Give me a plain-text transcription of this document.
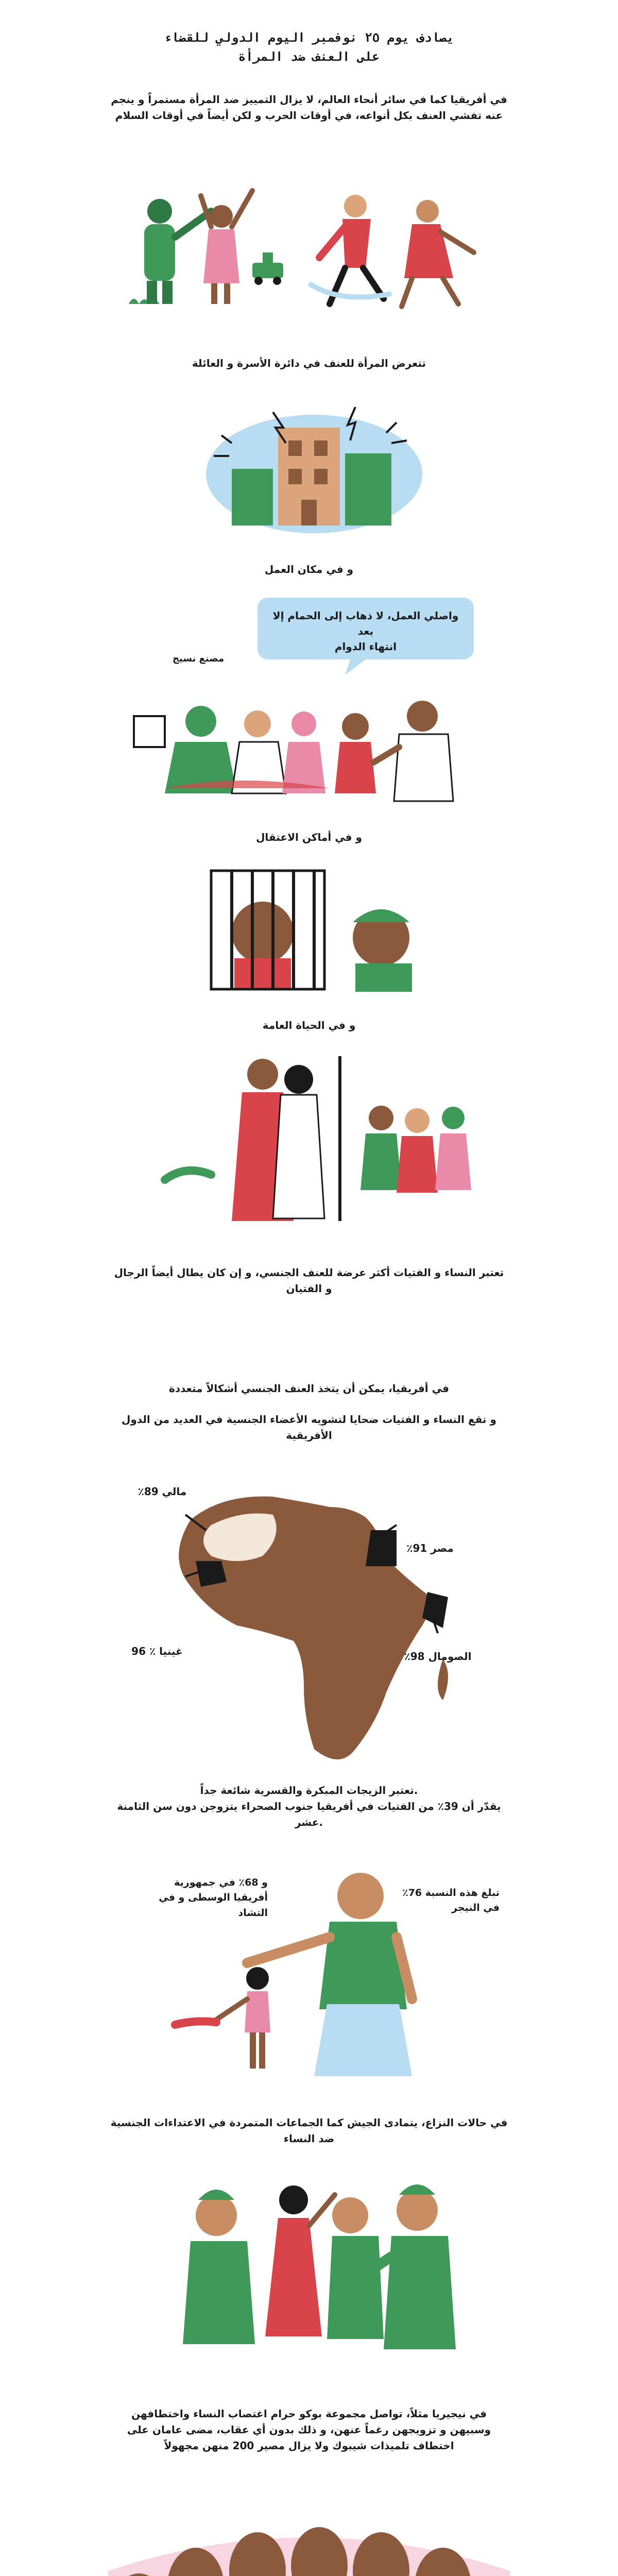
يصادف يوم ٢٥ نوفمبر اليوم الدولي للقضاء
على العنف ضد المرأة
في أفريقيا كما في سائر أنحاء العالم، لا يزال التمييز ضد المرأة مستمراً و ينجم
عنه تفشي العنف بكل أنواعه، في أوقات الحرب و لكن أيضاً في أوقات السلام
تتعرض المرأة للعنف في دائرة الأسرة و العائلة
و في مكان العمل
واصلي العمل، لا ذهاب إلى الحمام إلا بعد
انتهاء الدوام
مصنع نسيج
و في أماكن الاعتقال
و في الحياة العامة
تعتبر النساء و الفتيات أكثر عرضة للعنف الجنسي، و إن كان يطال أيضاً الرجال
و الفتيان
في أفريقيا، يمكن أن يتخذ العنف الجنسي أشكالاً متعددة
و تقع النساء و الفتيات ضحايا لتشويه الأعضاء الجنسية في العديد من الدول
الأفريقية
مالي 89٪
مصر 91٪
غينيا ٪ 96	الصومال 98٪
.تعتبر الزيجات المبكرة والقسرية شائعة جداً
يقدّر أن 39٪ من الفتيات في أفريقيا جنوب الصحراء يتزوجن دون سن الثامنة
.عشر
و 68٪ في جمهورية
أفريقيا الوسطى و في
التشاد
تبلغ هذه النسبة 76٪
في النيجر
في حالات النزاع، يتمادى الجيش كما الجماعات المتمردة في الاعتداءات الجنسية
ضد النساء
في نيجيريا مثلاً، تواصل مجموعة بوكو حرام اغتصاب النساء واختطافهن
وسبيهن و تزويجهن رغماً عنهن، و ذلك بدون أي عقاب، مضى عامان على
اختطاف تلميذات شيبوك ولا يزال مصير 200 منهن مجهولاً
